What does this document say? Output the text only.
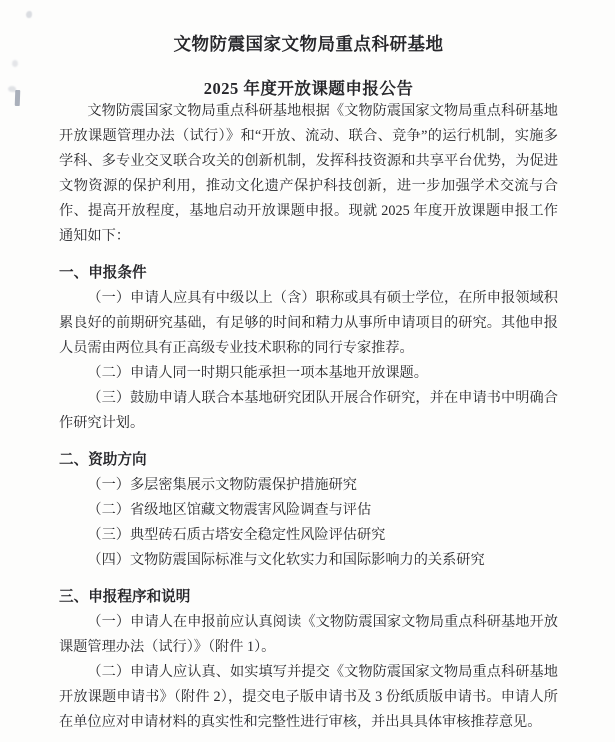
文物防震国家文物局重点科研基地
2025 年度开放课题申报公告

文物防震国家文物局重点科研基地根据《文物防震国家文物局重点科研基地开放课题管理办法（试行）》和“开放、流动、联合、竞争”的运行机制，实施多学科、多专业交叉联合攻关的创新机制，发挥科技资源和共享平台优势，为促进文物资源的保护利用，推动文化遗产保护科技创新，进一步加强学术交流与合作、提高开放程度，基地启动开放课题申报。现就 2025 年度开放课题申报工作通知如下：

一、申报条件

（一）申请人应具有中级以上（含）职称或具有硕士学位，在所申报领域积累良好的前期研究基础，有足够的时间和精力从事所申请项目的研究。其他申报人员需由两位具有正高级专业技术职称的同行专家推荐。

（二）申请人同一时期只能承担一项本基地开放课题。

（三）鼓励申请人联合本基地研究团队开展合作研究，并在申请书中明确合作研究计划。

二、资助方向

（一）多层密集展示文物防震保护措施研究

（二）省级地区馆藏文物震害风险调查与评估

（三）典型砖石质古塔安全稳定性风险评估研究

（四）文物防震国际标准与文化软实力和国际影响力的关系研究

三、申报程序和说明

（一）申请人在申报前应认真阅读《文物防震国家文物局重点科研基地开放课题管理办法（试行）》（附件 1）。

（二）申请人应认真、如实填写并提交《文物防震国家文物局重点科研基地开放课题申请书》（附件 2），提交电子版申请书及 3 份纸质版申请书。申请人所在单位应对申请材料的真实性和完整性进行审核，并出具具体审核推荐意见。
